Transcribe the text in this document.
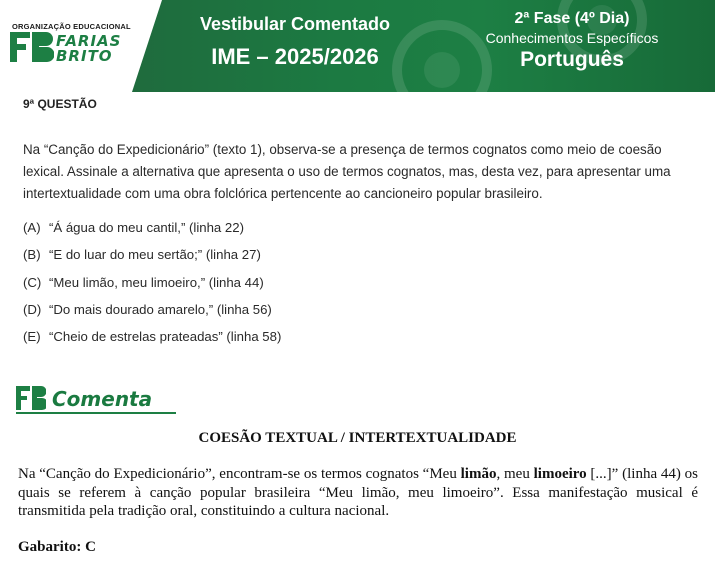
ORGANIZAÇÃO EDUCACIONAL
FARIAS
BRITO
Vestibular Comentado
IME – 2025/2026
2ª Fase (4º Dia)
Conhecimentos Específicos
Português
9ª QUESTÃO
Na “Canção do Expedicionário” (texto 1), observa-se a presença de termos cognatos como meio de coesão lexical. Assinale a alternativa que apresenta o uso de termos cognatos, mas, desta vez, para apresentar uma intertextualidade com uma obra folclórica pertencente ao cancioneiro popular brasileiro.
(A) “Á água do meu cantil,” (linha 22)
(B) “E do luar do meu sertão;” (linha 27)
(C) “Meu limão, meu limoeiro,” (linha 44)
(D) “Do mais dourado amarelo,” (linha 56)
(E) “Cheio de estrelas prateadas” (linha 58)
Comenta
COESÃO TEXTUAL / INTERTEXTUALIDADE
Na “Canção do Expedicionário”, encontram-se os termos cognatos “Meu limão, meu limoeiro [...]” (linha 44) os quais se referem à canção popular brasileira “Meu limão, meu limoeiro”. Essa manifestação musical é transmitida pela tradição oral, constituindo a cultura nacional.
Gabarito: C
